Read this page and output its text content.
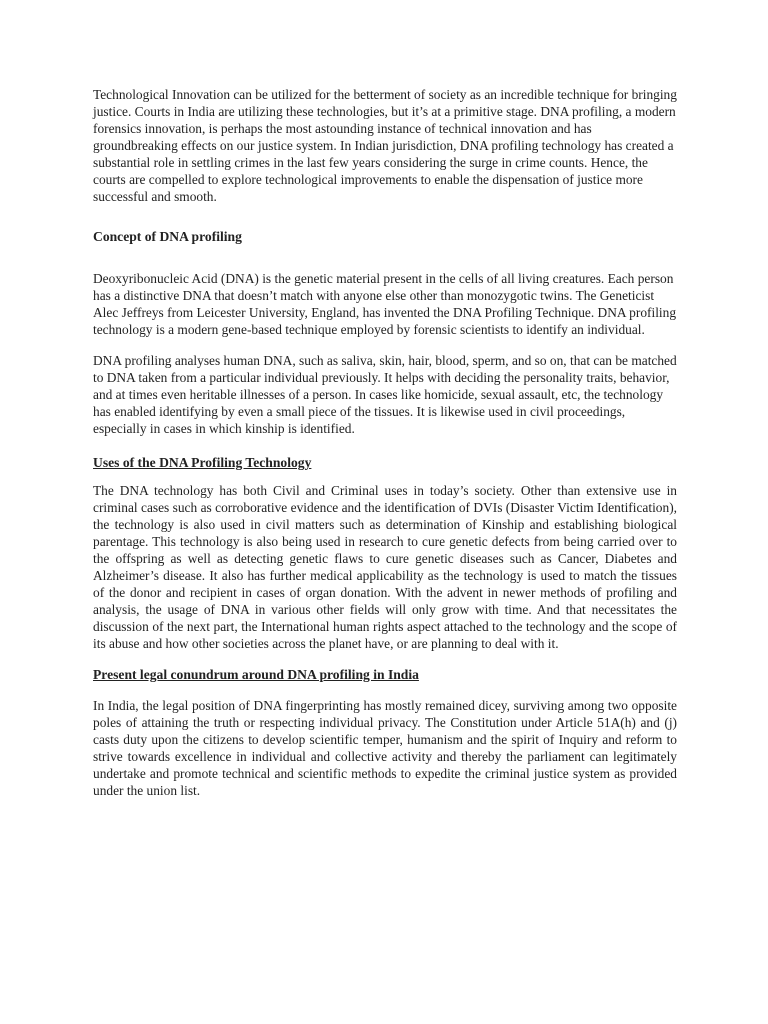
Technological Innovation can be utilized for the betterment of society as an incredible technique for bringing justice. Courts in India are utilizing these technologies, but it’s at a primitive stage. DNA profiling, a modern forensics innovation, is perhaps the most astounding instance of technical innovation and has groundbreaking effects on our justice system. In Indian jurisdiction, DNA profiling technology has created a substantial role in settling crimes in the last few years considering the surge in crime counts. Hence, the courts are compelled to explore technological improvements to enable the dispensation of justice more successful and smooth.

Concept of DNA profiling

Deoxyribonucleic Acid (DNA) is the genetic material present in the cells of all living creatures. Each person has a distinctive DNA that doesn’t match with anyone else other than monozygotic twins. The Geneticist Alec Jeffreys from Leicester University, England, has invented the DNA Profiling Technique. DNA profiling technology is a modern gene-based technique employed by forensic scientists to identify an individual.

DNA profiling analyses human DNA, such as saliva, skin, hair, blood, sperm, and so on, that can be matched to DNA taken from a particular individual previously. It helps with deciding the personality traits, behavior, and at times even heritable illnesses of a person. In cases like homicide, sexual assault, etc, the technology has enabled identifying by even a small piece of the tissues. It is likewise used in civil proceedings, especially in cases in which kinship is identified.

Uses of the DNA Profiling Technology

The DNA technology has both Civil and Criminal uses in today’s society. Other than extensive use in criminal cases such as corroborative evidence and the identification of DVIs (Disaster Victim Identification), the technology is also used in civil matters such as determination of Kinship and establishing biological parentage. This technology is also being used in research to cure genetic defects from being carried over to the offspring as well as detecting genetic flaws to cure genetic diseases such as Cancer, Diabetes and Alzheimer’s disease. It also has further medical applicability as the technology is used to match the tissues of the donor and recipient in cases of organ donation. With the advent in newer methods of profiling and analysis, the usage of DNA in various other fields will only grow with time. And that necessitates the discussion of the next part, the International human rights aspect attached to the technology and the scope of its abuse and how other societies across the planet have, or are planning to deal with it.

Present legal conundrum around DNA profiling in India

In India, the legal position of DNA fingerprinting has mostly remained dicey, surviving among two opposite poles of attaining the truth or respecting individual privacy. The Constitution under Article 51A(h) and (j) casts duty upon the citizens to develop scientific temper, humanism and the spirit of Inquiry and reform to strive towards excellence in individual and collective activity and thereby the parliament can legitimately undertake and promote technical and scientific methods to expedite the criminal justice system as provided under the union list.
